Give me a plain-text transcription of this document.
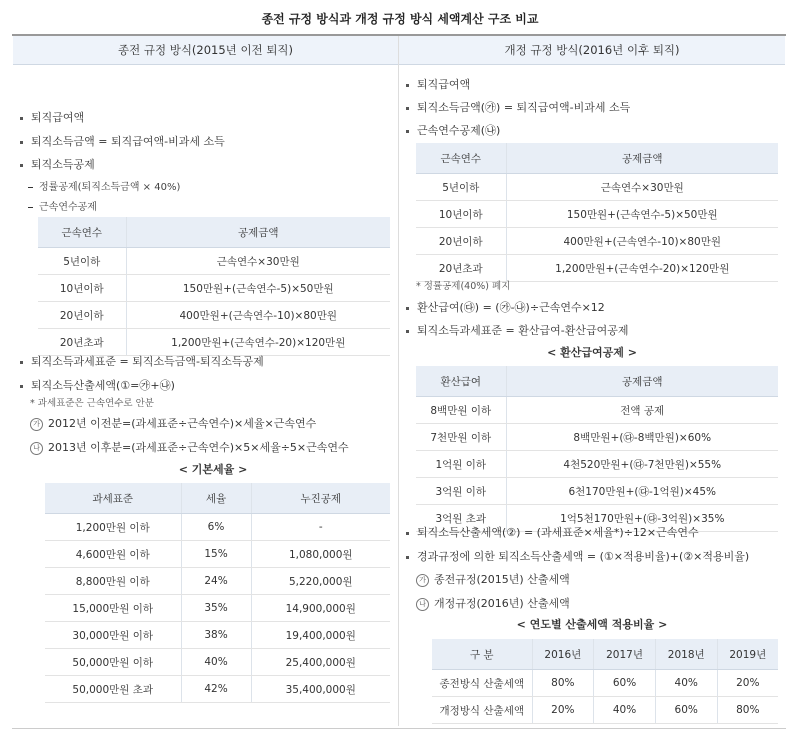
종전 규정 방식과 개정 규정 방식 세액계산 구조 비교
종전 규정 방식(2015년 이전 퇴직)	개정 규정 방식(2016년 이후 퇴직)
퇴직급여액
퇴직소득금액 = 퇴직급여액-비과세 소득
퇴직소득공제
정률공제(퇴직소득금액 × 40%)
근속연수공제
근속연수	공제금액
5년이하	근속연수×30만원
10년이하	150만원+(근속연수-5)×50만원
20년이하	400만원+(근속연수-10)×80만원
20년초과	1,200만원+(근속연수-20)×120만원
퇴직소득과세표준 = 퇴직소득금액-퇴직소득공제
퇴직소득산출세액(①=㉮+㉯)
* 과세표준은 근속연수로 안분
가 2012년 이전분=(과세표준÷근속연수)×세율×근속연수
나 2013년 이후분=(과세표준÷근속연수)×5×세율÷5×근속연수
< 기본세율 >
과세표준	세율	누진공제
1,200만원 이하	6%	-
4,600만원 이하	15%	1,080,000원
8,800만원 이하	24%	5,220,000원
15,000만원 이하	35%	14,900,000원
30,000만원 이하	38%	19,400,000원
50,000만원 이하	40%	25,400,000원
50,000만원 초과	42%	35,400,000원
퇴직급여액
퇴직소득금액(㉮) = 퇴직급여액-비과세 소득
근속연수공제(㉯)
근속연수	공제금액
5년이하	근속연수×30만원
10년이하	150만원+(근속연수-5)×50만원
20년이하	400만원+(근속연수-10)×80만원
20년초과	1,200만원+(근속연수-20)×120만원
* 정률공제(40%) 폐지
환산급여(㉰) = (㉮-㉯)÷근속연수×12
퇴직소득과세표준 = 환산급여-환산급여공제
< 환산급여공제 >
환산급여	공제금액
8백만원 이하	전액 공제
7천만원 이하	8백만원+(㉰-8백만원)×60%
1억원 이하	4천520만원+(㉰-7천만원)×55%
3억원 이하	6천170만원+(㉰-1억원)×45%
3억원 초과	1억5천170만원+(㉰-3억원)×35%
퇴직소득산출세액(②) = (과세표준×세율*)÷12×근속연수
경과규정에 의한 퇴직소득산출세액 = (①×적용비율)+(②×적용비율)
가 종전규정(2015년) 산출세액
나 개정규정(2016년) 산출세액
< 연도별 산출세액 적용비율 >
구 분	2016년	2017년	2018년	2019년
종전방식 산출세액	80%	60%	40%	20%
개정방식 산출세액	20%	40%	60%	80%
